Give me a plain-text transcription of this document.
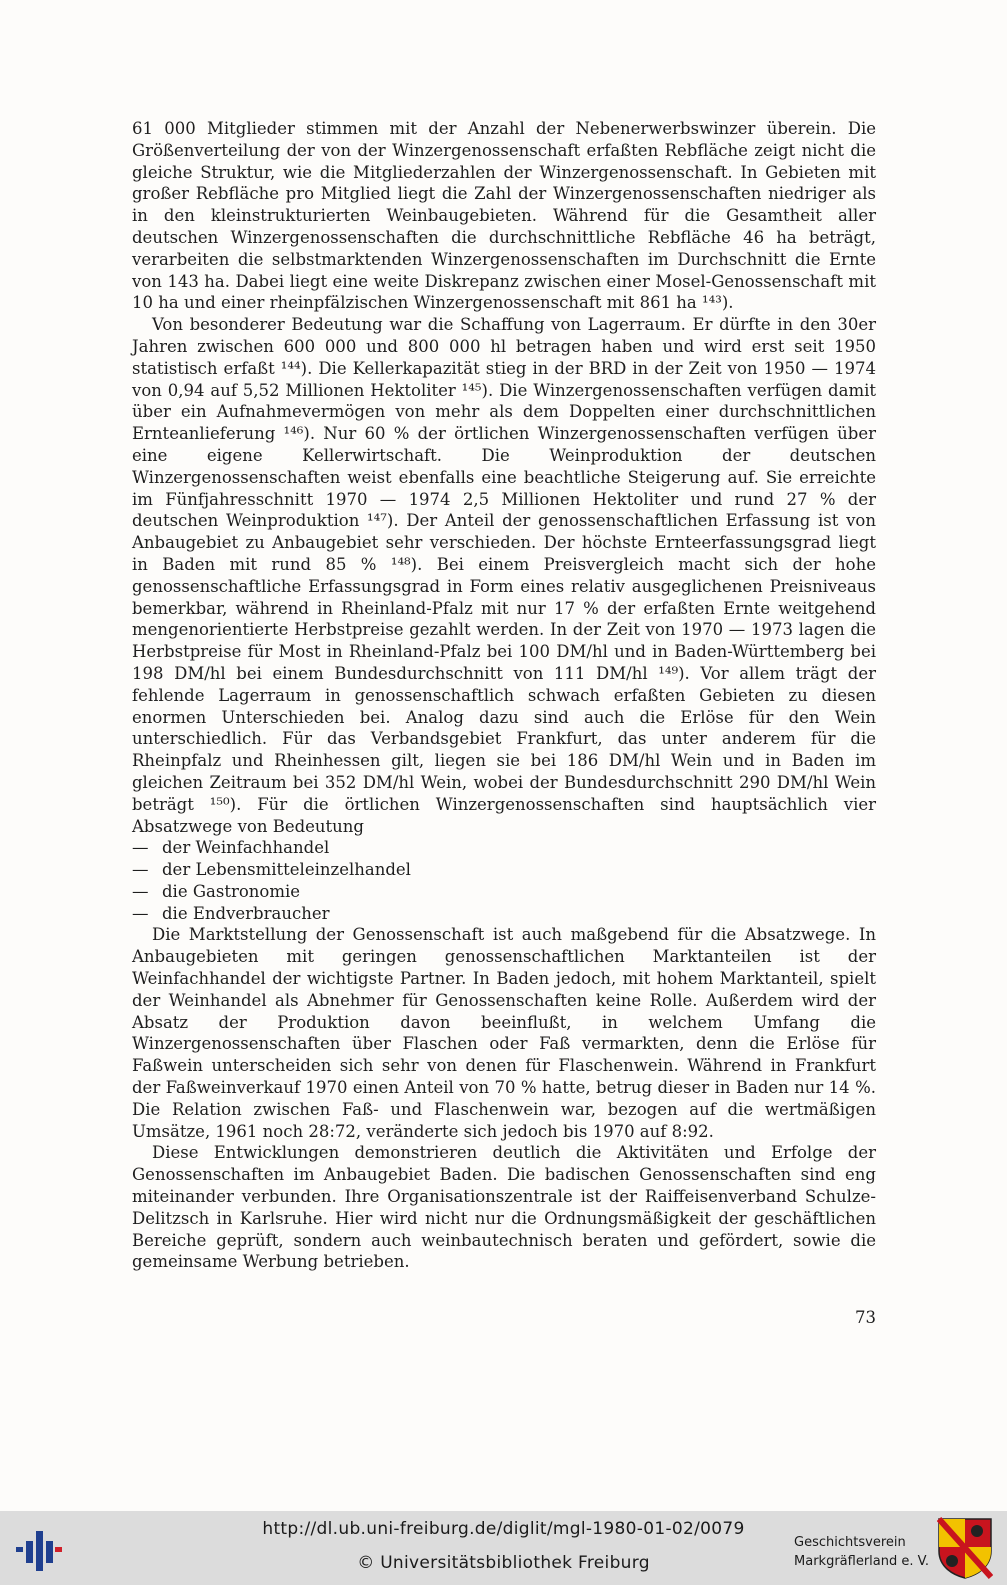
61 000 Mitglieder stimmen mit der Anzahl der Nebenerwerbswinzer überein. Die Größenverteilung der von der Winzergenossenschaft erfaßten Rebfläche zeigt nicht die gleiche Struktur, wie die Mitgliederzahlen der Winzergenossenschaft. In Gebieten mit großer Rebfläche pro Mitglied liegt die Zahl der Winzergenossenschaften niedriger als in den kleinstrukturierten Weinbaugebieten. Während für die Gesamtheit aller deutschen Winzergenossenschaften die durchschnittliche Rebfläche 46 ha beträgt, verarbeiten die selbstmarktenden Winzergenossenschaften im Durchschnitt die Ernte von 143 ha. Dabei liegt eine weite Diskrepanz zwischen einer Mosel-Genossenschaft mit 10 ha und einer rheinpfälzischen Winzergenossenschaft mit 861 ha ¹⁴³).

Von besonderer Bedeutung war die Schaffung von Lagerraum. Er dürfte in den 30er Jahren zwischen 600 000 und 800 000 hl betragen haben und wird erst seit 1950 statistisch erfaßt ¹⁴⁴). Die Kellerkapazität stieg in der BRD in der Zeit von 1950 — 1974 von 0,94 auf 5,52 Millionen Hektoliter ¹⁴⁵). Die Winzergenossenschaften verfügen damit über ein Aufnahmevermögen von mehr als dem Doppelten einer durchschnittlichen Ernteanlieferung ¹⁴⁶). Nur 60 % der örtlichen Winzergenossenschaften verfügen über eine eigene Kellerwirtschaft. Die Weinproduktion der deutschen Winzergenossenschaften weist ebenfalls eine beachtliche Steigerung auf. Sie erreichte im Fünfjahresschnitt 1970 — 1974 2,5 Millionen Hektoliter und rund 27 % der deutschen Weinproduktion ¹⁴⁷). Der Anteil der genossenschaftlichen Erfassung ist von Anbaugebiet zu Anbaugebiet sehr verschieden. Der höchste Ernteerfassungsgrad liegt in Baden mit rund 85 % ¹⁴⁸). Bei einem Preisvergleich macht sich der hohe genossenschaftliche Erfassungsgrad in Form eines relativ ausgeglichenen Preisniveaus bemerkbar, während in Rheinland-Pfalz mit nur 17 % der erfaßten Ernte weitgehend mengenorientierte Herbstpreise gezahlt werden. In der Zeit von 1970 — 1973 lagen die Herbstpreise für Most in Rheinland-Pfalz bei 100 DM/hl und in Baden-Württemberg bei 198 DM/hl bei einem Bundesdurchschnitt von 111 DM/hl ¹⁴⁹). Vor allem trägt der fehlende Lagerraum in genossenschaftlich schwach erfaßten Gebieten zu diesen enormen Unterschieden bei. Analog dazu sind auch die Erlöse für den Wein unterschiedlich. Für das Verbandsgebiet Frankfurt, das unter anderem für die Rheinpfalz und Rheinhessen gilt, liegen sie bei 186 DM/hl Wein und in Baden im gleichen Zeitraum bei 352 DM/hl Wein, wobei der Bundesdurchschnitt 290 DM/hl Wein beträgt ¹⁵⁰). Für die örtlichen Winzergenossenschaften sind hauptsächlich vier Absatzwege von Bedeutung

— der Weinfachhandel
— der Lebensmitteleinzelhandel
— die Gastronomie
— die Endverbraucher

Die Marktstellung der Genossenschaft ist auch maßgebend für die Absatzwege. In Anbaugebieten mit geringen genossenschaftlichen Marktanteilen ist der Weinfachhandel der wichtigste Partner. In Baden jedoch, mit hohem Marktanteil, spielt der Weinhandel als Abnehmer für Genossenschaften keine Rolle. Außerdem wird der Absatz der Produktion davon beeinflußt, in welchem Umfang die Winzergenossenschaften über Flaschen oder Faß vermarkten, denn die Erlöse für Faßwein unterscheiden sich sehr von denen für Flaschenwein. Während in Frankfurt der Faßweinverkauf 1970 einen Anteil von 70 % hatte, betrug dieser in Baden nur 14 %. Die Relation zwischen Faß- und Flaschenwein war, bezogen auf die wertmäßigen Umsätze, 1961 noch 28:72, veränderte sich jedoch bis 1970 auf 8:92.

Diese Entwicklungen demonstrieren deutlich die Aktivitäten und Erfolge der Genossenschaften im Anbaugebiet Baden. Die badischen Genossenschaften sind eng miteinander verbunden. Ihre Organisationszentrale ist der Raiffeisenverband Schulze-Delitzsch in Karlsruhe. Hier wird nicht nur die Ordnungsmäßigkeit der geschäftlichen Bereiche geprüft, sondern auch weinbautechnisch beraten und gefördert, sowie die gemeinsame Werbung betrieben.

73
http://dl.ub.uni-freiburg.de/diglit/mgl-1980-01-02/0079
© Universitätsbibliothek Freiburg
Geschichtsverein
Markgräflerland e. V.
